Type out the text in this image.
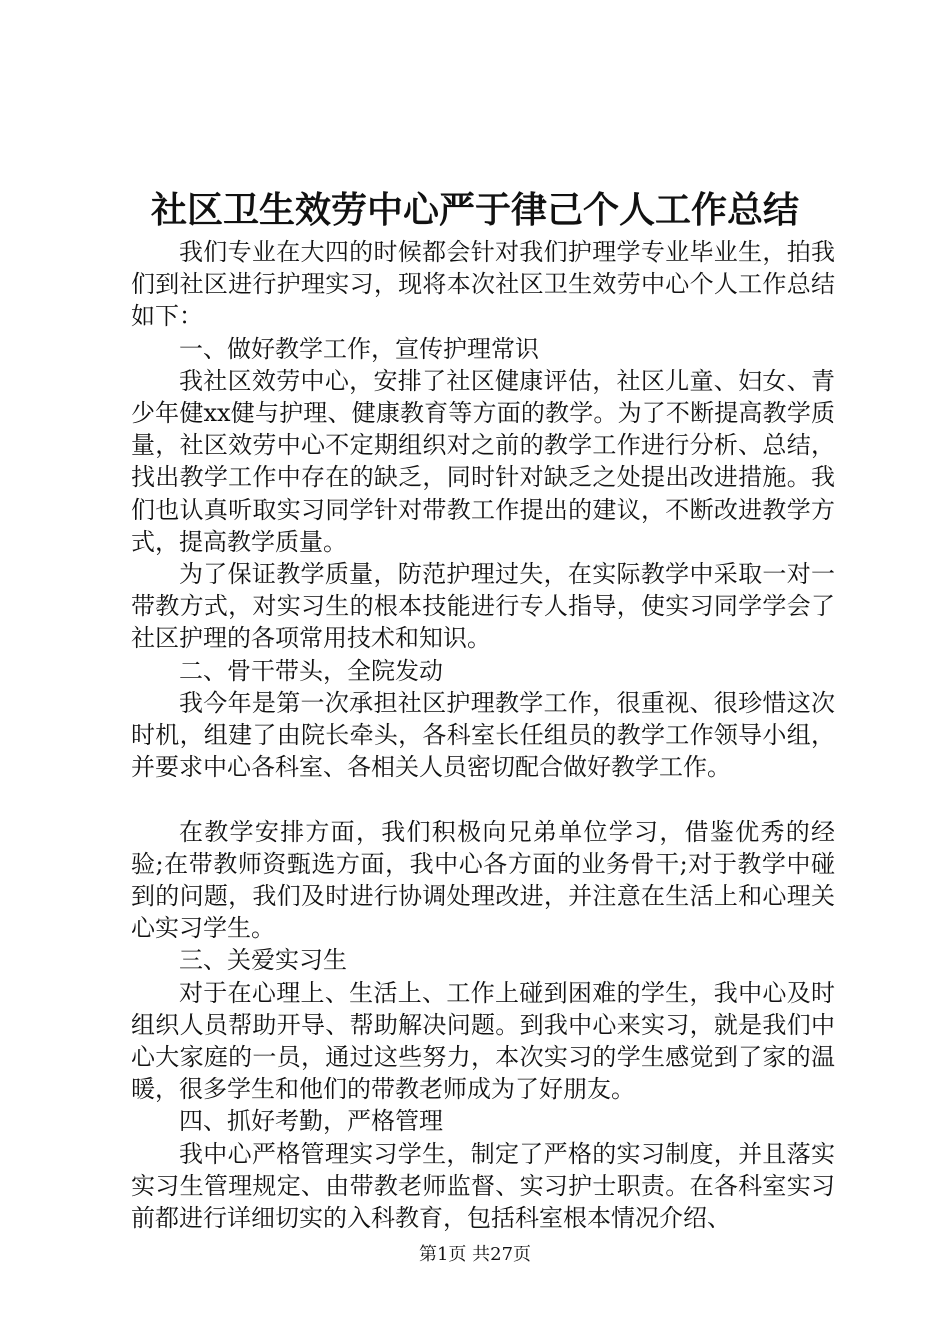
社区卫生效劳中心严于律己个人工作总结

我们专业在大四的时候都会针对我们护理学专业毕业生，拍我们到社区进行护理实习，现将本次社区卫生效劳中心个人工作总结如下：

一、做好教学工作，宣传护理常识

我社区效劳中心，安排了社区健康评估，社区儿童、妇女、青少年健xx健与护理、健康教育等方面的教学。为了不断提高教学质量，社区效劳中心不定期组织对之前的教学工作进行分析、总结，找出教学工作中存在的缺乏，同时针对缺乏之处提出改进措施。我们也认真听取实习同学针对带教工作提出的建议，不断改进教学方式，提高教学质量。

为了保证教学质量，防范护理过失，在实际教学中采取一对一带教方式，对实习生的根本技能进行专人指导，使实习同学学会了社区护理的各项常用技术和知识。

二、骨干带头，全院发动

我今年是第一次承担社区护理教学工作，很重视、很珍惜这次时机，组建了由院长牵头，各科室长任组员的教学工作领导小组，并要求中心各科室、各相关人员密切配合做好教学工作。

在教学安排方面，我们积极向兄弟单位学习，借鉴优秀的经验;在带教师资甄选方面，我中心各方面的业务骨干;对于教学中碰到的问题，我们及时进行协调处理改进，并注意在生活上和心理关心实习学生。

三、关爱实习生

对于在心理上、生活上、工作上碰到困难的学生，我中心及时组织人员帮助开导、帮助解决问题。到我中心来实习，就是我们中心大家庭的一员，通过这些努力，本次实习的学生感觉到了家的温暖，很多学生和他们的带教老师成为了好朋友。

四、抓好考勤，严格管理

我中心严格管理实习学生，制定了严格的实习制度，并且落实实习生管理规定、由带教老师监督、实习护士职责。在各科室实习前都进行详细切实的入科教育，包括科室根本情况介绍、

第1页 共27页
